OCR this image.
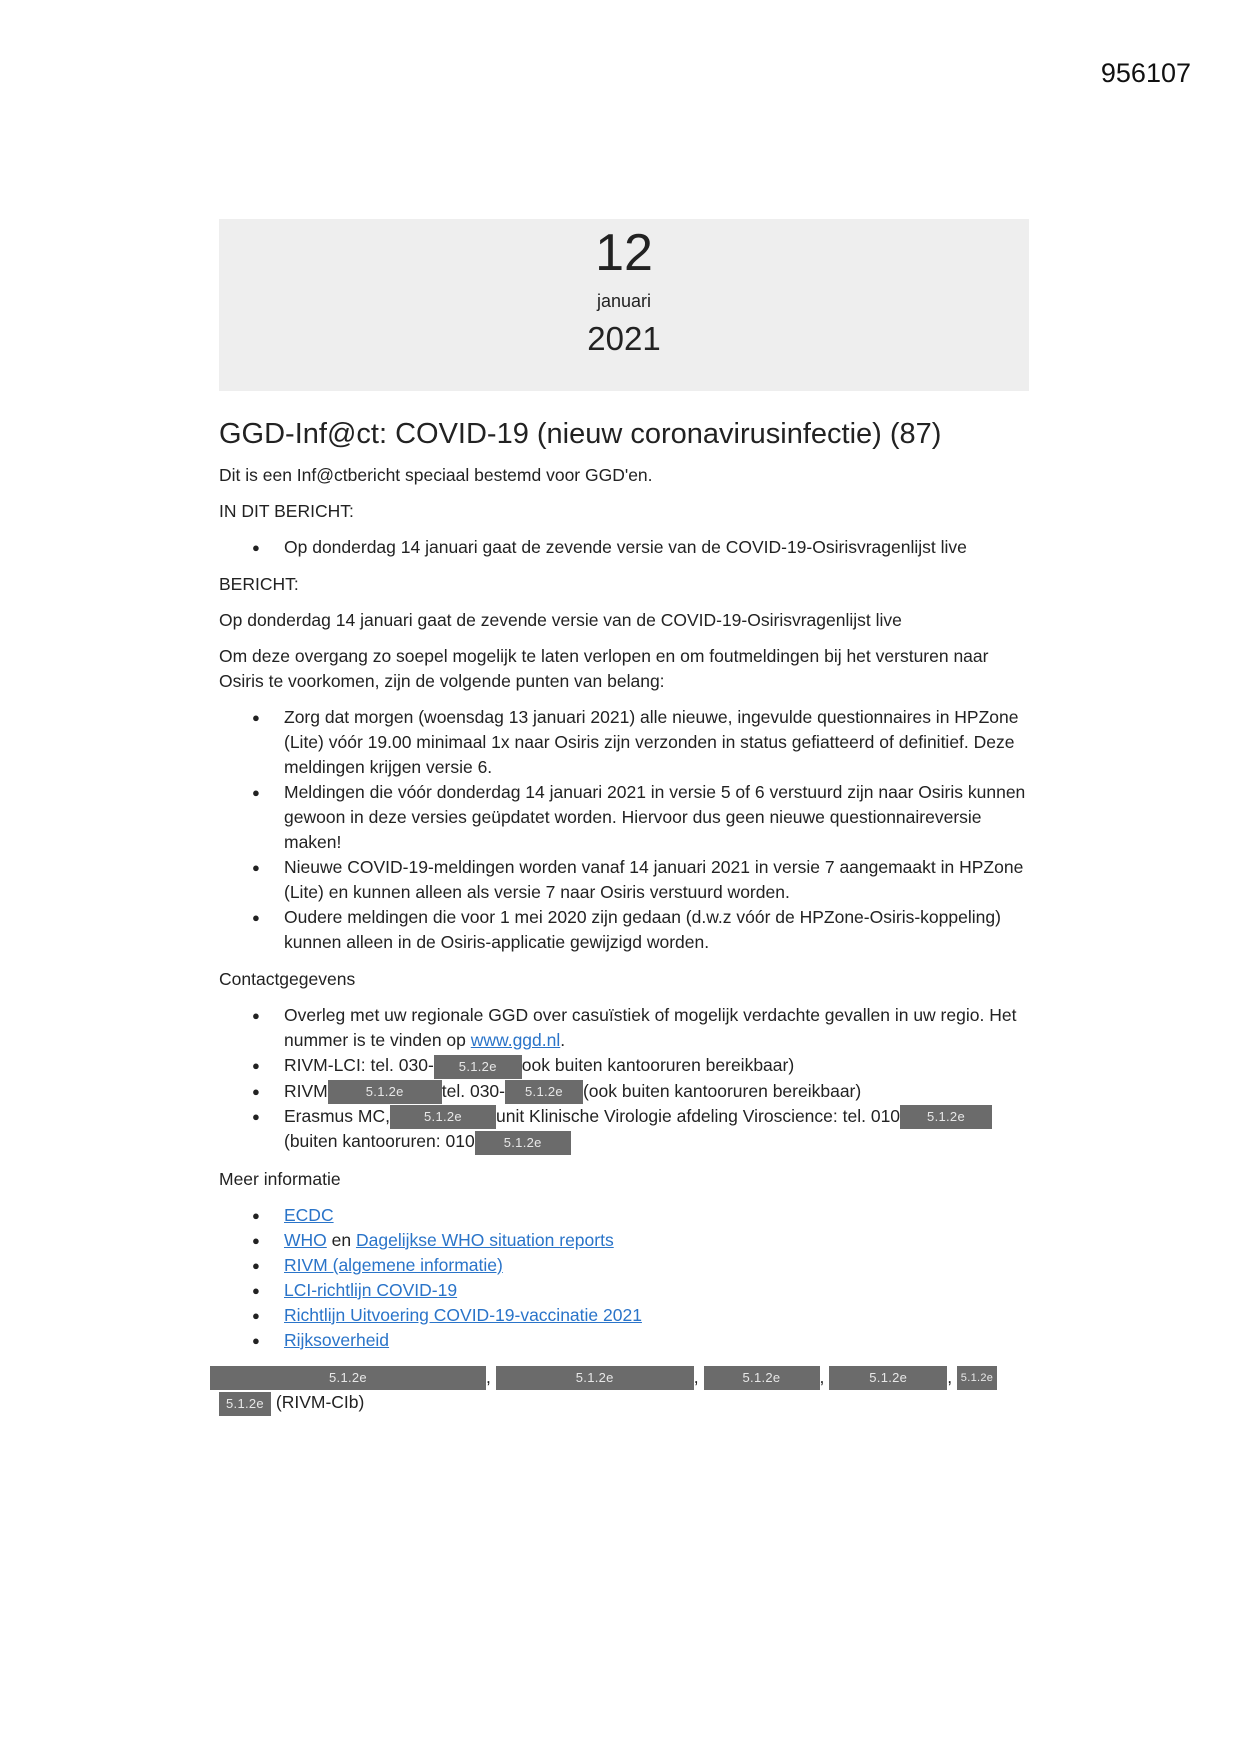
956107
12
januari
2021
GGD-Inf@ct: COVID-19 (nieuw coronavirusinfectie) (87)

Dit is een Inf@ctbericht speciaal bestemd voor GGD'en.

IN DIT BERICHT:

● Op donderdag 14 januari gaat de zevende versie van de COVID-19-Osirisvragenlijst live

BERICHT:

Op donderdag 14 januari gaat de zevende versie van de COVID-19-Osirisvragenlijst live

Om deze overgang zo soepel mogelijk te laten verlopen en om foutmeldingen bij het versturen naar Osiris te voorkomen, zijn de volgende punten van belang:

● Zorg dat morgen (woensdag 13 januari 2021) alle nieuwe, ingevulde questionnaires in HPZone (Lite) vóór 19.00 minimaal 1x naar Osiris zijn verzonden in status gefiatteerd of definitief. Deze meldingen krijgen versie 6.
● Meldingen die vóór donderdag 14 januari 2021 in versie 5 of 6 verstuurd zijn naar Osiris kunnen gewoon in deze versies geüpdatet worden. Hiervoor dus geen nieuwe questionnaireversie maken!
● Nieuwe COVID-19-meldingen worden vanaf 14 januari 2021 in versie 7 aangemaakt in HPZone (Lite) en kunnen alleen als versie 7 naar Osiris verstuurd worden.
● Oudere meldingen die voor 1 mei 2020 zijn gedaan (d.w.z vóór de HPZone-Osiris-koppeling) kunnen alleen in de Osiris-applicatie gewijzigd worden.

Contactgegevens

● Overleg met uw regionale GGD over casuïstiek of mogelijk verdachte gevallen in uw regio. Het nummer is te vinden op www.ggd.nl.
● RIVM-LCI: tel. 030- 5.1.2e ook buiten kantooruren bereikbaar)
● RIVM	5.1.2e tel. 030- 5.1.2e (ook buiten kantooruren bereikbaar)
● Erasmus MC,	5.1.2e unit Klinische Virologie afdeling Viroscience: tel. 010 5.1.2e
(buiten kantooruren: 010 5.1.2e

Meer informatie

● ECDC
● WHO en Dagelijkse WHO situation reports
● RIVM (algemene informatie)
● LCI-richtlijn COVID-19
● Richtlijn Uitvoering COVID-19-vaccinatie 2021
● Rijksoverheid
5.1.2e	,	5.1.2e	,	5.1.2e ,	5.1.2e , 5.1.2e
5.1.2e (RIVM-CIb)
